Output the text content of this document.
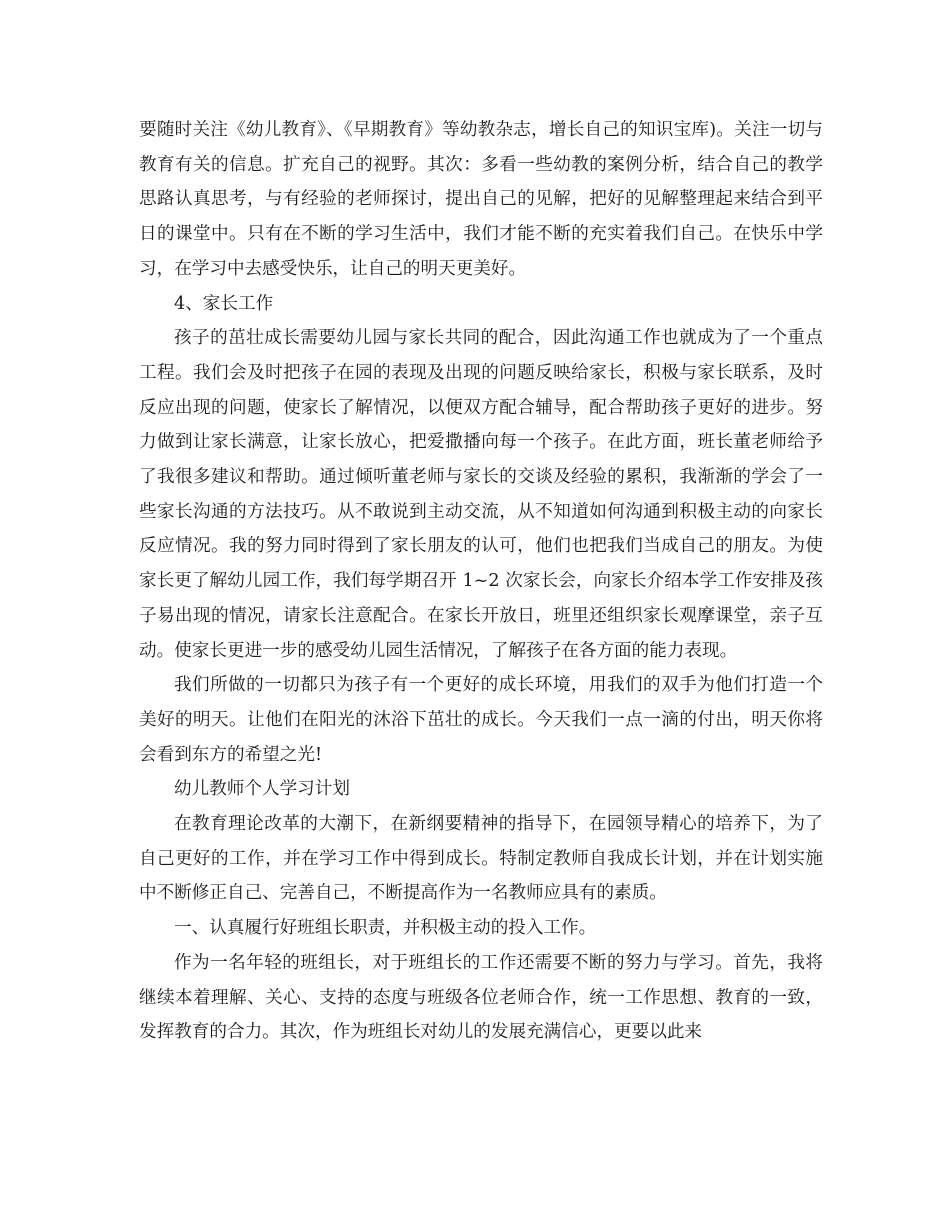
要随时关注《幼儿教育》、《早期教育》等幼教杂志，增长自己的知识宝库)。关注一切与教育有关的信息。扩充自己的视野。其次：多看一些幼教的案例分析，结合自己的教学思路认真思考，与有经验的老师探讨，提出自己的见解，把好的见解整理起来结合到平日的课堂中。只有在不断的学习生活中，我们才能不断的充实着我们自己。在快乐中学习，在学习中去感受快乐，让自己的明天更美好。

4、家长工作

孩子的茁壮成长需要幼儿园与家长共同的配合，因此沟通工作也就成为了一个重点工程。我们会及时把孩子在园的表现及出现的问题反映给家长，积极与家长联系，及时反应出现的问题，使家长了解情况，以便双方配合辅导，配合帮助孩子更好的进步。努力做到让家长满意，让家长放心，把爱撒播向每一个孩子。在此方面，班长董老师给予了我很多建议和帮助。通过倾听董老师与家长的交谈及经验的累积，我渐渐的学会了一些家长沟通的方法技巧。从不敢说到主动交流，从不知道如何沟通到积极主动的向家长反应情况。我的努力同时得到了家长朋友的认可，他们也把我们当成自己的朋友。为使家长更了解幼儿园工作，我们每学期召开 1~2 次家长会，向家长介绍本学工作安排及孩子易出现的情况，请家长注意配合。在家长开放日，班里还组织家长观摩课堂，亲子互动。使家长更进一步的感受幼儿园生活情况，了解孩子在各方面的能力表现。

我们所做的一切都只为孩子有一个更好的成长环境，用我们的双手为他们打造一个美好的明天。让他们在阳光的沐浴下茁壮的成长。今天我们一点一滴的付出，明天你将会看到东方的希望之光!

幼儿教师个人学习计划

在教育理论改革的大潮下，在新纲要精神的指导下，在园领导精心的培养下，为了自己更好的工作，并在学习工作中得到成长。特制定教师自我成长计划，并在计划实施中不断修正自己、完善自己，不断提高作为一名教师应具有的素质。

一、认真履行好班组长职责，并积极主动的投入工作。

作为一名年轻的班组长，对于班组长的工作还需要不断的努力与学习。首先，我将继续本着理解、关心、支持的态度与班级各位老师合作，统一工作思想、教育的一致，发挥教育的合力。其次，作为班组长对幼儿的发展充满信心，更要以此来
